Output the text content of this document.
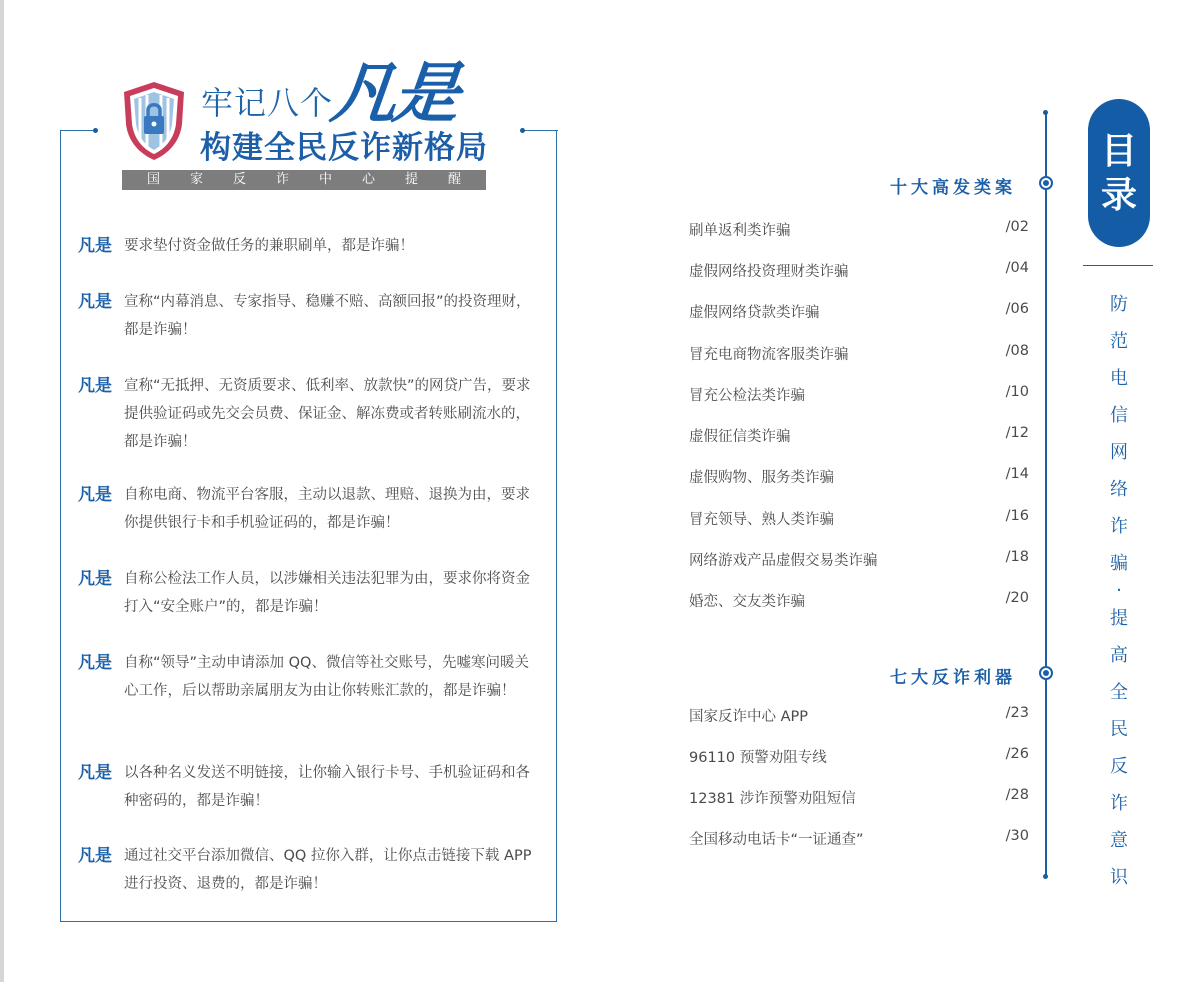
牢记八个
凡是
构建全民反诈新格局
国 家 反 诈 中 心 提 醒
凡是 要求垫付资金做任务的兼职刷单，都是诈骗！
凡是 宣称“内幕消息、专家指导、稳赚不赔、高额回报”的投资理财，都是诈骗！
凡是 宣称“无抵押、无资质要求、低利率、放款快”的网贷广告，要求提供验证码或先交会员费、保证金、解冻费或者转账刷流水的，都是诈骗！
凡是 自称电商、物流平台客服，主动以退款、理赔、退换为由，要求你提供银行卡和手机验证码的，都是诈骗！
凡是 自称公检法工作人员，以涉嫌相关违法犯罪为由，要求你将资金打入“安全账户”的，都是诈骗！
凡是 自称“领导”主动申请添加 QQ、微信等社交账号，先嘘寒问暖关心工作，后以帮助亲属朋友为由让你转账汇款的，都是诈骗！
凡是 以各种名义发送不明链接，让你输入银行卡号、手机验证码和各种密码的，都是诈骗！
凡是 通过社交平台添加微信、QQ 拉你入群，让你点击链接下载 APP 进行投资、退费的，都是诈骗！
十大高发类案
刷单返利类诈骗	/02
虚假网络投资理财类诈骗	/04
虚假网络贷款类诈骗	/06
冒充电商物流客服类诈骗	/08
冒充公检法类诈骗	/10
虚假征信类诈骗	/12
虚假购物、服务类诈骗	/14
冒充领导、熟人类诈骗	/16
网络游戏产品虚假交易类诈骗	/18
婚恋、交友类诈骗	/20
七大反诈利器
国家反诈中心 APP	/23
96110 预警劝阻专线	/26
12381 涉诈预警劝阻短信	/28
全国移动电话卡“一证通查”	/30
目
录
防
范
电
信
网
络
诈
骗
·
提
高
全
民
反
诈
意
识
